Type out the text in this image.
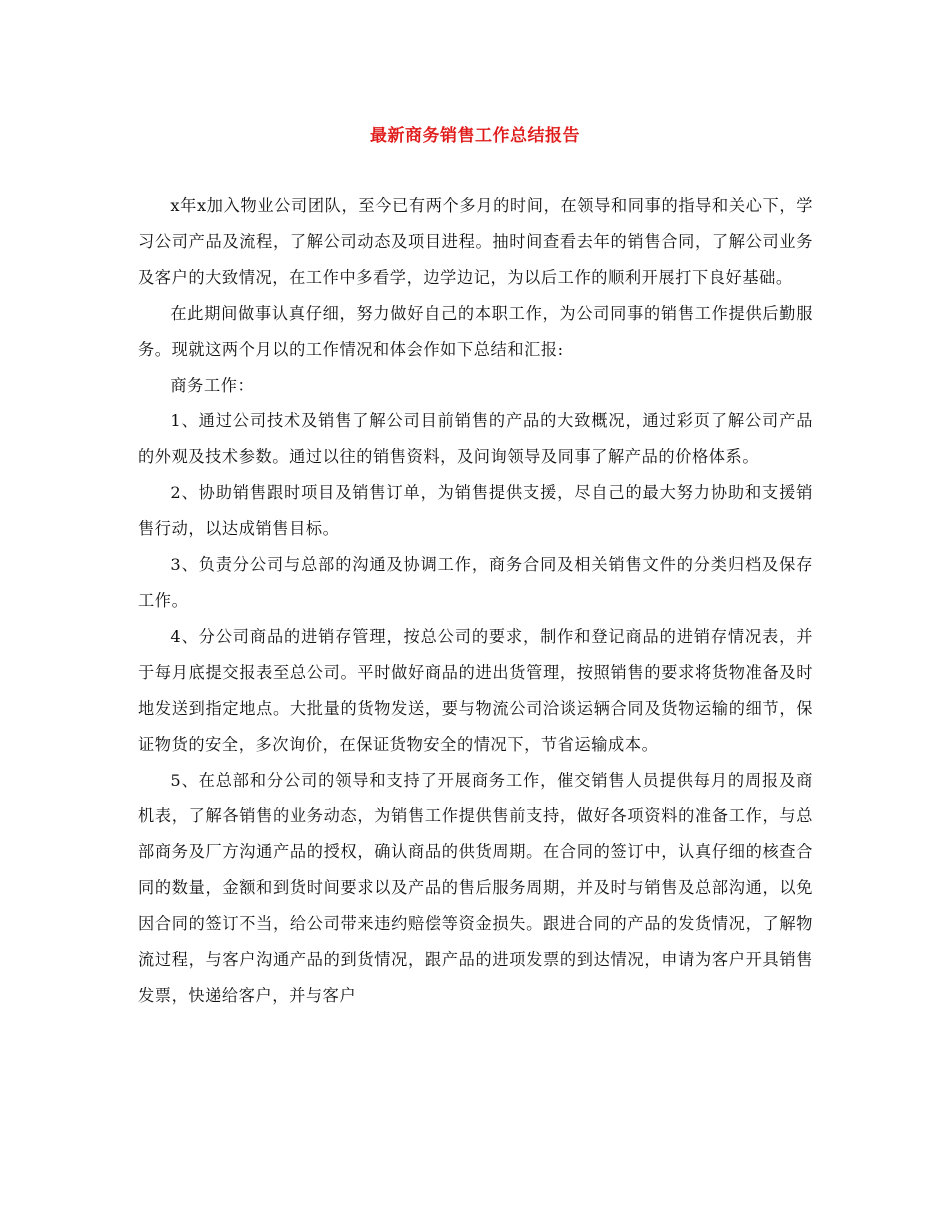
最新商务销售工作总结报告

x年x加入物业公司团队，至今已有两个多月的时间，在领导和同事的指导和关心下，学习公司产品及流程，了解公司动态及项目进程。抽时间查看去年的销售合同，了解公司业务及客户的大致情况，在工作中多看学，边学边记，为以后工作的顺利开展打下良好基础。

在此期间做事认真仔细，努力做好自己的本职工作，为公司同事的销售工作提供后勤服务。现就这两个月以的工作情况和体会作如下总结和汇报:

商务工作：

1、通过公司技术及销售了解公司目前销售的产品的大致概况，通过彩页了解公司产品的外观及技术参数。通过以往的销售资料，及问询领导及同事了解产品的价格体系。

2、协助销售跟时项目及销售订单，为销售提供支援，尽自己的最大努力协助和支援销售行动，以达成销售目标。

3、负责分公司与总部的沟通及协调工作，商务合同及相关销售文件的分类归档及保存工作。

4、分公司商品的进销存管理，按总公司的要求，制作和登记商品的进销存情况表，并于每月底提交报表至总公司。平时做好商品的进出货管理，按照销售的要求将货物准备及时地发送到指定地点。大批量的货物发送，要与物流公司洽谈运辆合同及货物运输的细节，保证物货的安全，多次询价，在保证货物安全的情况下，节省运输成本。

5、在总部和分公司的领导和支持了开展商务工作，催交销售人员提供每月的周报及商机表，了解各销售的业务动态，为销售工作提供售前支持，做好各项资料的准备工作，与总部商务及厂方沟通产品的授权，确认商品的供货周期。在合同的签订中，认真仔细的核查合同的数量，金额和到货时间要求以及产品的售后服务周期，并及时与销售及总部沟通，以免因合同的签订不当，给公司带来违约赔偿等资金损失。跟进合同的产品的发货情况，了解物流过程，与客户沟通产品的到货情况，跟产品的进项发票的到达情况，申请为客户开具销售发票，快递给客户，并与客户
